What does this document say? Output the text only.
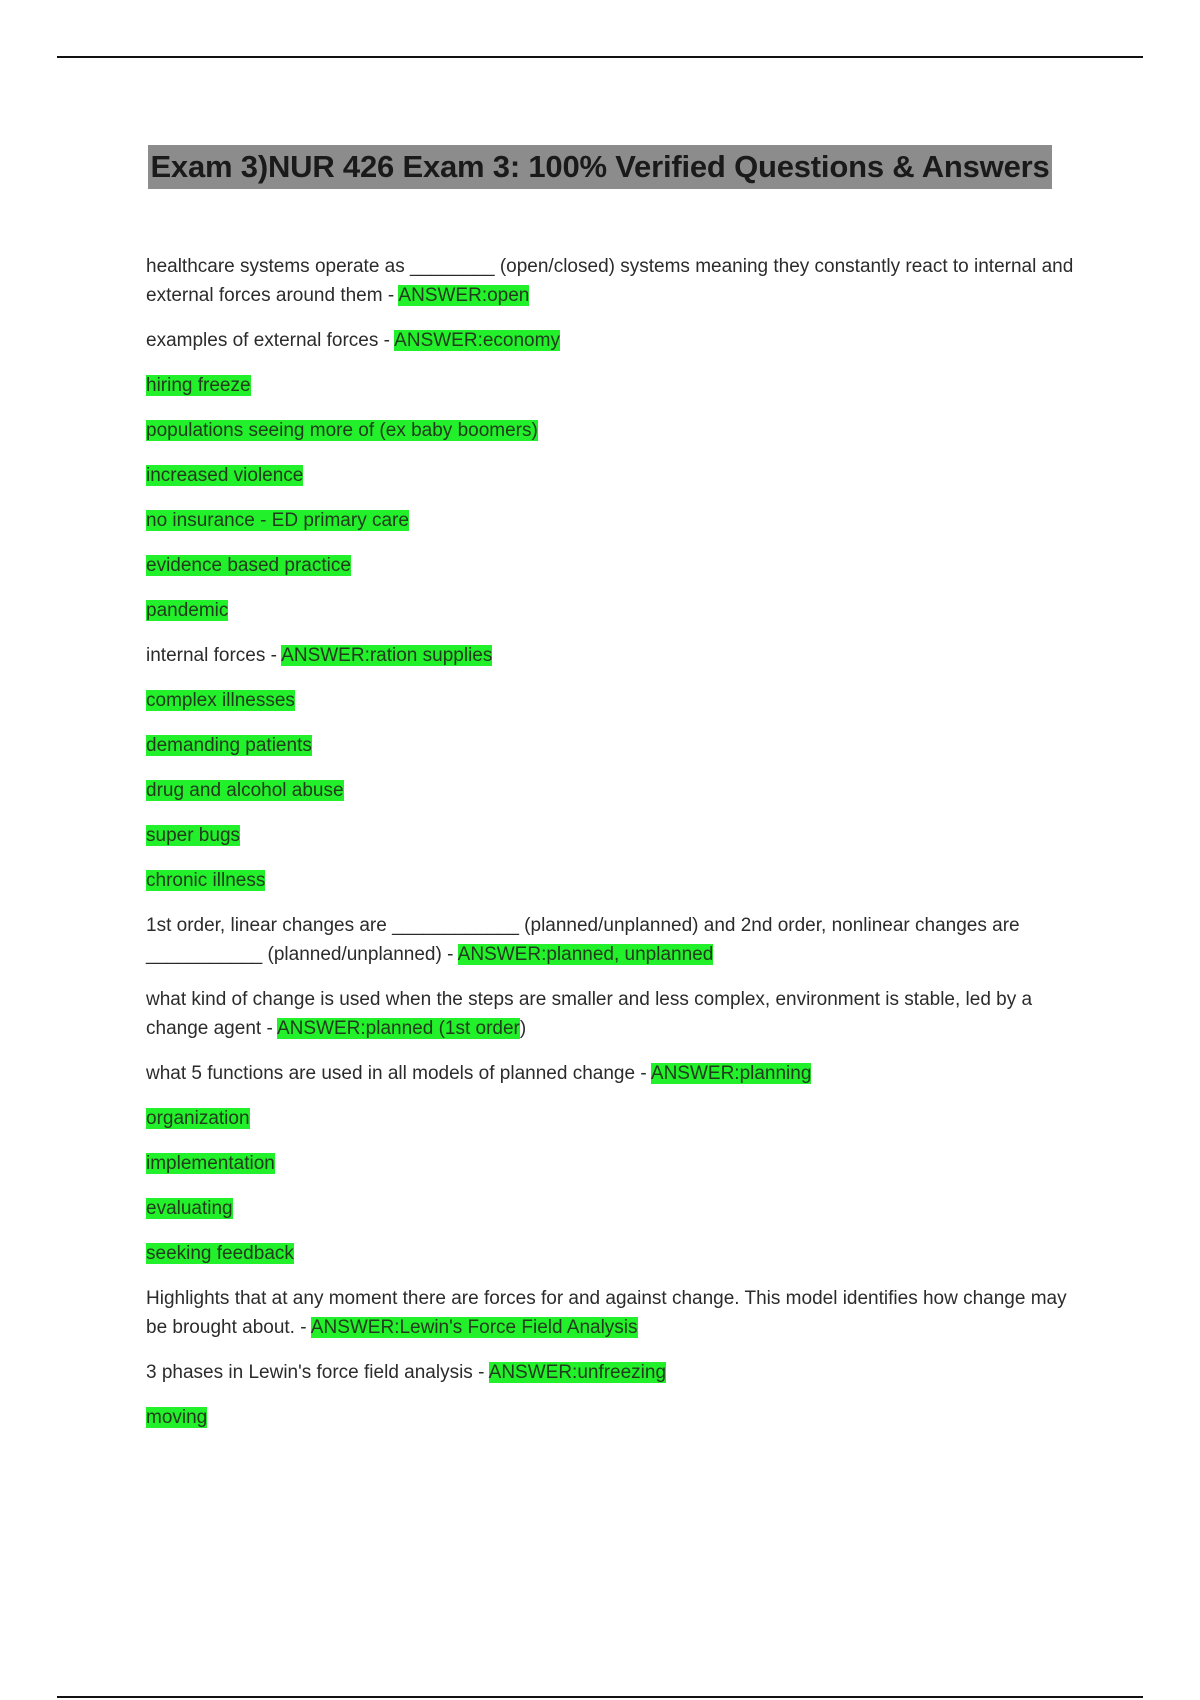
Exam 3)NUR 426 Exam 3: 100% Verified Questions & Answers

healthcare systems operate as ________ (open/closed) systems meaning they constantly react to internal and external forces around them - ANSWER:open

examples of external forces - ANSWER:economy

hiring freeze

populations seeing more of (ex baby boomers)

increased violence

no insurance - ED primary care

evidence based practice

pandemic

internal forces - ANSWER:ration supplies

complex illnesses

demanding patients

drug and alcohol abuse

super bugs

chronic illness

1st order, linear changes are ____________ (planned/unplanned) and 2nd order, nonlinear changes are ___________ (planned/unplanned) - ANSWER:planned, unplanned

what kind of change is used when the steps are smaller and less complex, environment is stable, led by a change agent - ANSWER:planned (1st order)

what 5 functions are used in all models of planned change - ANSWER:planning

organization

implementation

evaluating

seeking feedback

Highlights that at any moment there are forces for and against change. This model identifies how change may be brought about. - ANSWER:Lewin's Force Field Analysis

3 phases in Lewin's force field analysis - ANSWER:unfreezing

moving
